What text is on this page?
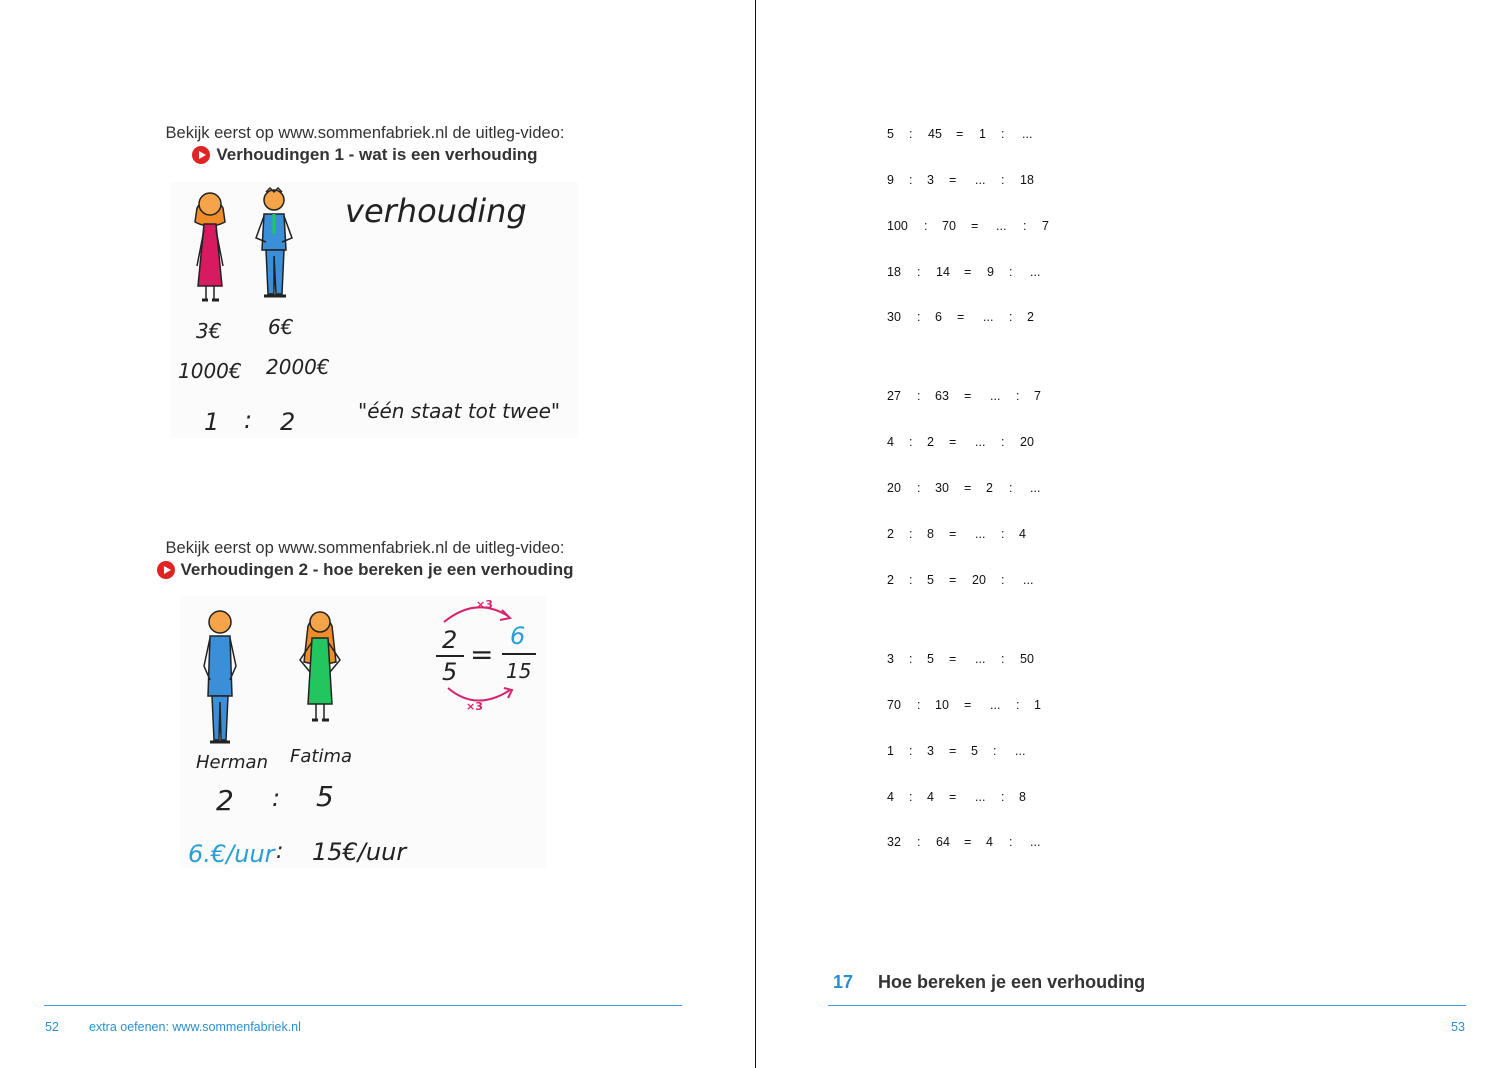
Bekijk eerst op www.sommenfabriek.nl de uitleg-video:
Verhoudingen 1 - wat is een verhouding
verhouding
3€ 6€
1000€ 2000€
1 : 2	"één staat tot twee"
Bekijk eerst op www.sommenfabriek.nl de uitleg-video:
Verhoudingen 2 - hoe bereken je een verhouding
Herman Fatima
2 : 5
6.€/uur : 15€/uur
×3
2
5
=
6
15
×3
52 extra oefenen: www.sommenfabriek.nl
5 : 45 = 1 : ...
9 : 3 = ... : 18
100 : 70 = ... : 7
18 : 14 = 9 : ...
30 : 6 = ... : 2
27 : 63 = ... : 7
4 : 2 = ... : 20
20 : 30 = 2 : ...
2 : 8 = ... : 4
2 : 5 = 20 : ...
3 : 5 = ... : 50
70 : 10 = ... : 1
1 : 3 = 5 : ...
4 : 4 = ... : 8
32 : 64 = 4 : ...
17 Hoe bereken je een verhouding
53
